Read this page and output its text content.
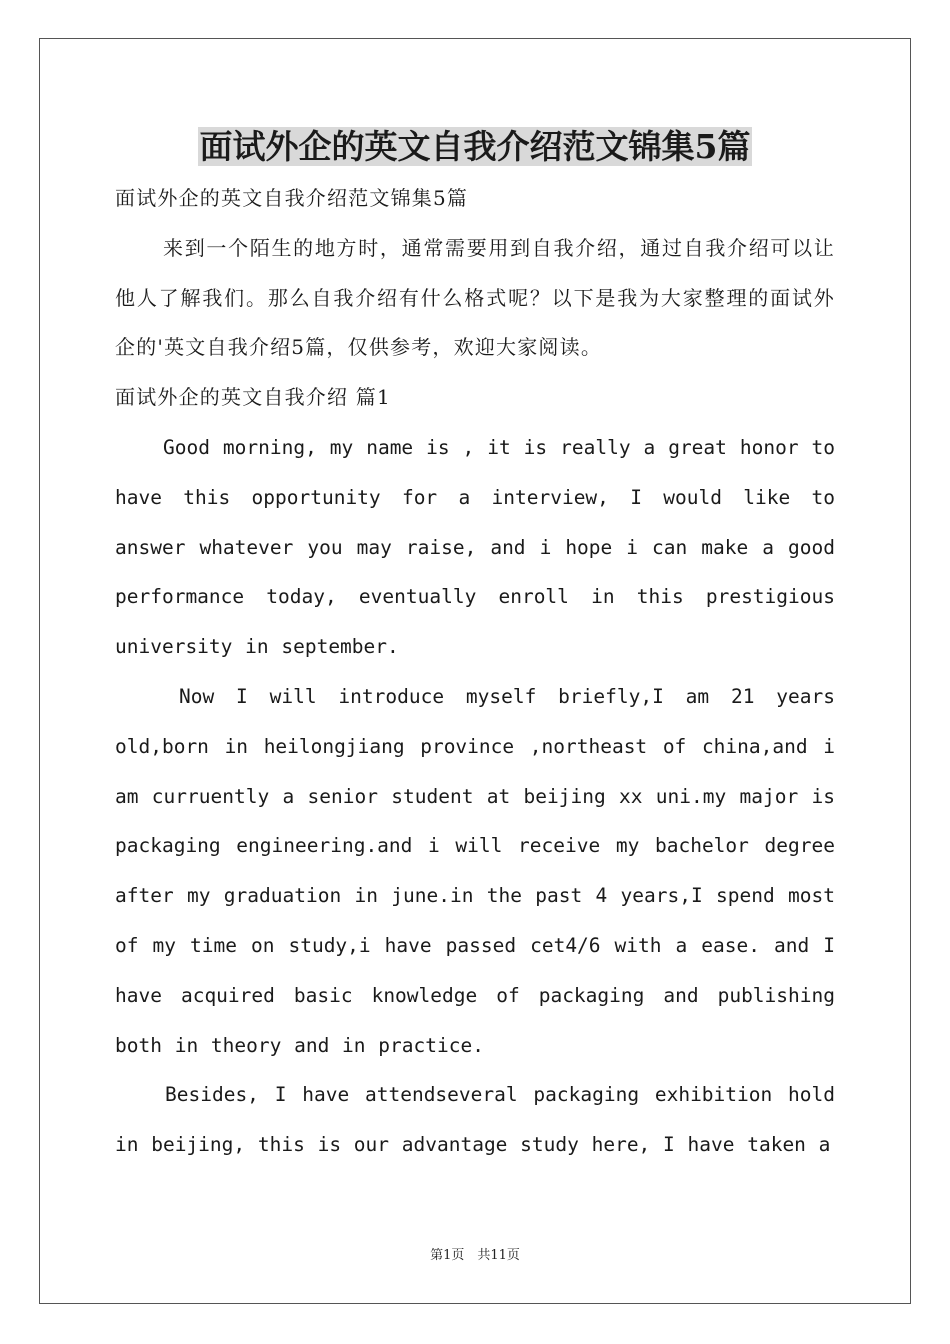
面试外企的英文自我介绍范文锦集5篇

面试外企的英文自我介绍范文锦集5篇

来到一个陌生的地方时，通常需要用到自我介绍，通过自我介绍可以让他人了解我们。那么自我介绍有什么格式呢？以下是我为大家整理的面试外企的'英文自我介绍5篇，仅供参考，欢迎大家阅读。

面试外企的英文自我介绍 篇1

Good morning, my name is , it is really a great honor to have this opportunity for a interview, I would like to answer whatever you may raise, and i hope i can make a good performance today, eventually enroll in this prestigious university in september.

Now I will introduce myself briefly,I am 21 years old,born in heilongjiang province ,northeast of china,and i am curruently a senior student at beijing xx uni.my major is packaging engineering.and i will receive my bachelor degree after my graduation in june.in the past 4 years,I spend most of my time on study,i have passed cet4/6 with a ease. and I have acquired basic knowledge of packaging and publishing both in theory and in practice.

Besides, I have attendseveral packaging exhibition hold in beijing, this is our advantage study here, I have taken a

第1页　共11页
